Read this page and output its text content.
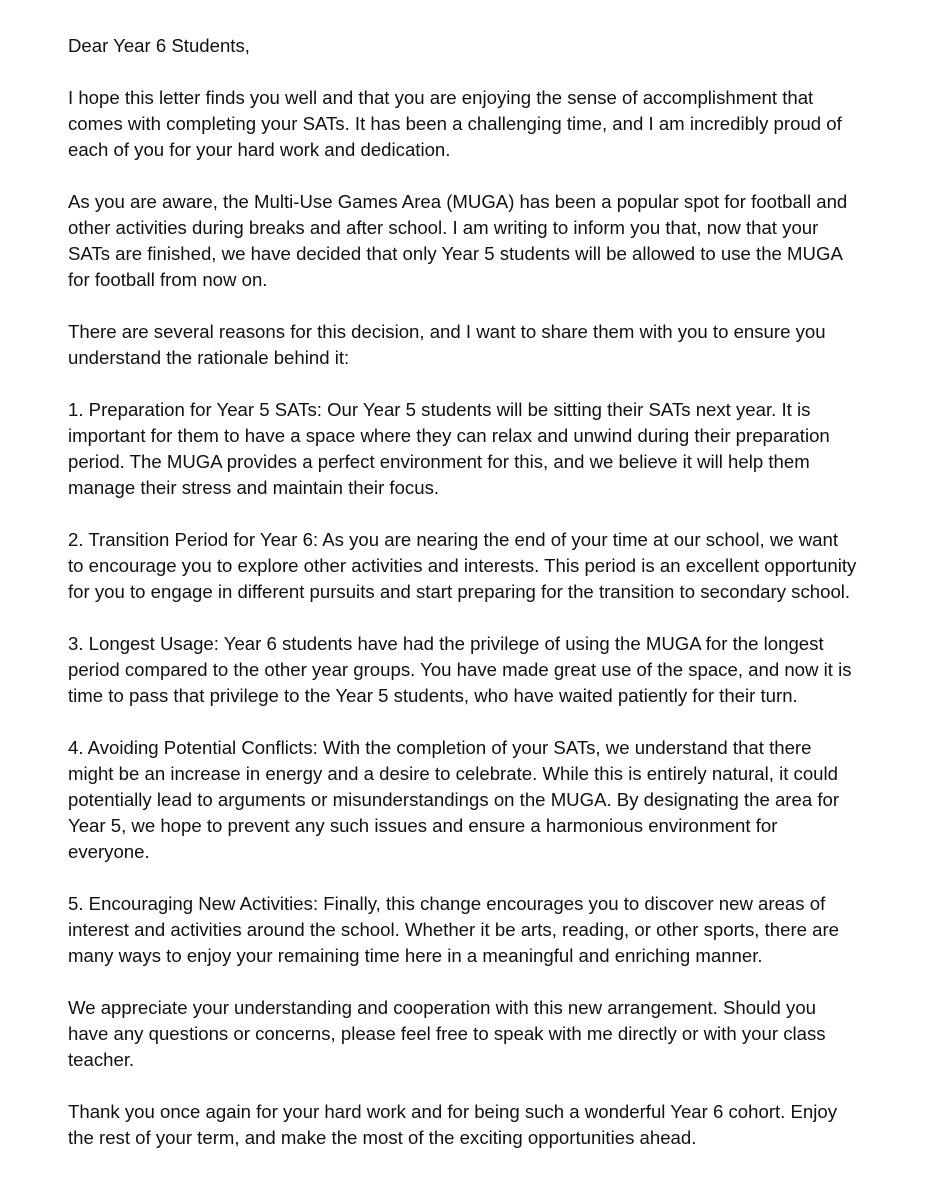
Dear Year 6 Students,

I hope this letter finds you well and that you are enjoying the sense of accomplishment that
comes with completing your SATs. It has been a challenging time, and I am incredibly proud of
each of you for your hard work and dedication.

As you are aware, the Multi-Use Games Area (MUGA) has been a popular spot for football and
other activities during breaks and after school. I am writing to inform you that, now that your
SATs are finished, we have decided that only Year 5 students will be allowed to use the MUGA
for football from now on.

There are several reasons for this decision, and I want to share them with you to ensure you
understand the rationale behind it:

1. Preparation for Year 5 SATs: Our Year 5 students will be sitting their SATs next year. It is
important for them to have a space where they can relax and unwind during their preparation
period. The MUGA provides a perfect environment for this, and we believe it will help them
manage their stress and maintain their focus.

2. Transition Period for Year 6: As you are nearing the end of your time at our school, we want
to encourage you to explore other activities and interests. This period is an excellent opportunity
for you to engage in different pursuits and start preparing for the transition to secondary school.

3. Longest Usage: Year 6 students have had the privilege of using the MUGA for the longest
period compared to the other year groups. You have made great use of the space, and now it is
time to pass that privilege to the Year 5 students, who have waited patiently for their turn.

4. Avoiding Potential Conflicts: With the completion of your SATs, we understand that there
might be an increase in energy and a desire to celebrate. While this is entirely natural, it could
potentially lead to arguments or misunderstandings on the MUGA. By designating the area for
Year 5, we hope to prevent any such issues and ensure a harmonious environment for
everyone.

5. Encouraging New Activities: Finally, this change encourages you to discover new areas of
interest and activities around the school. Whether it be arts, reading, or other sports, there are
many ways to enjoy your remaining time here in a meaningful and enriching manner.

We appreciate your understanding and cooperation with this new arrangement. Should you
have any questions or concerns, please feel free to speak with me directly or with your class
teacher.

Thank you once again for your hard work and for being such a wonderful Year 6 cohort. Enjoy
the rest of your term, and make the most of the exciting opportunities ahead.
